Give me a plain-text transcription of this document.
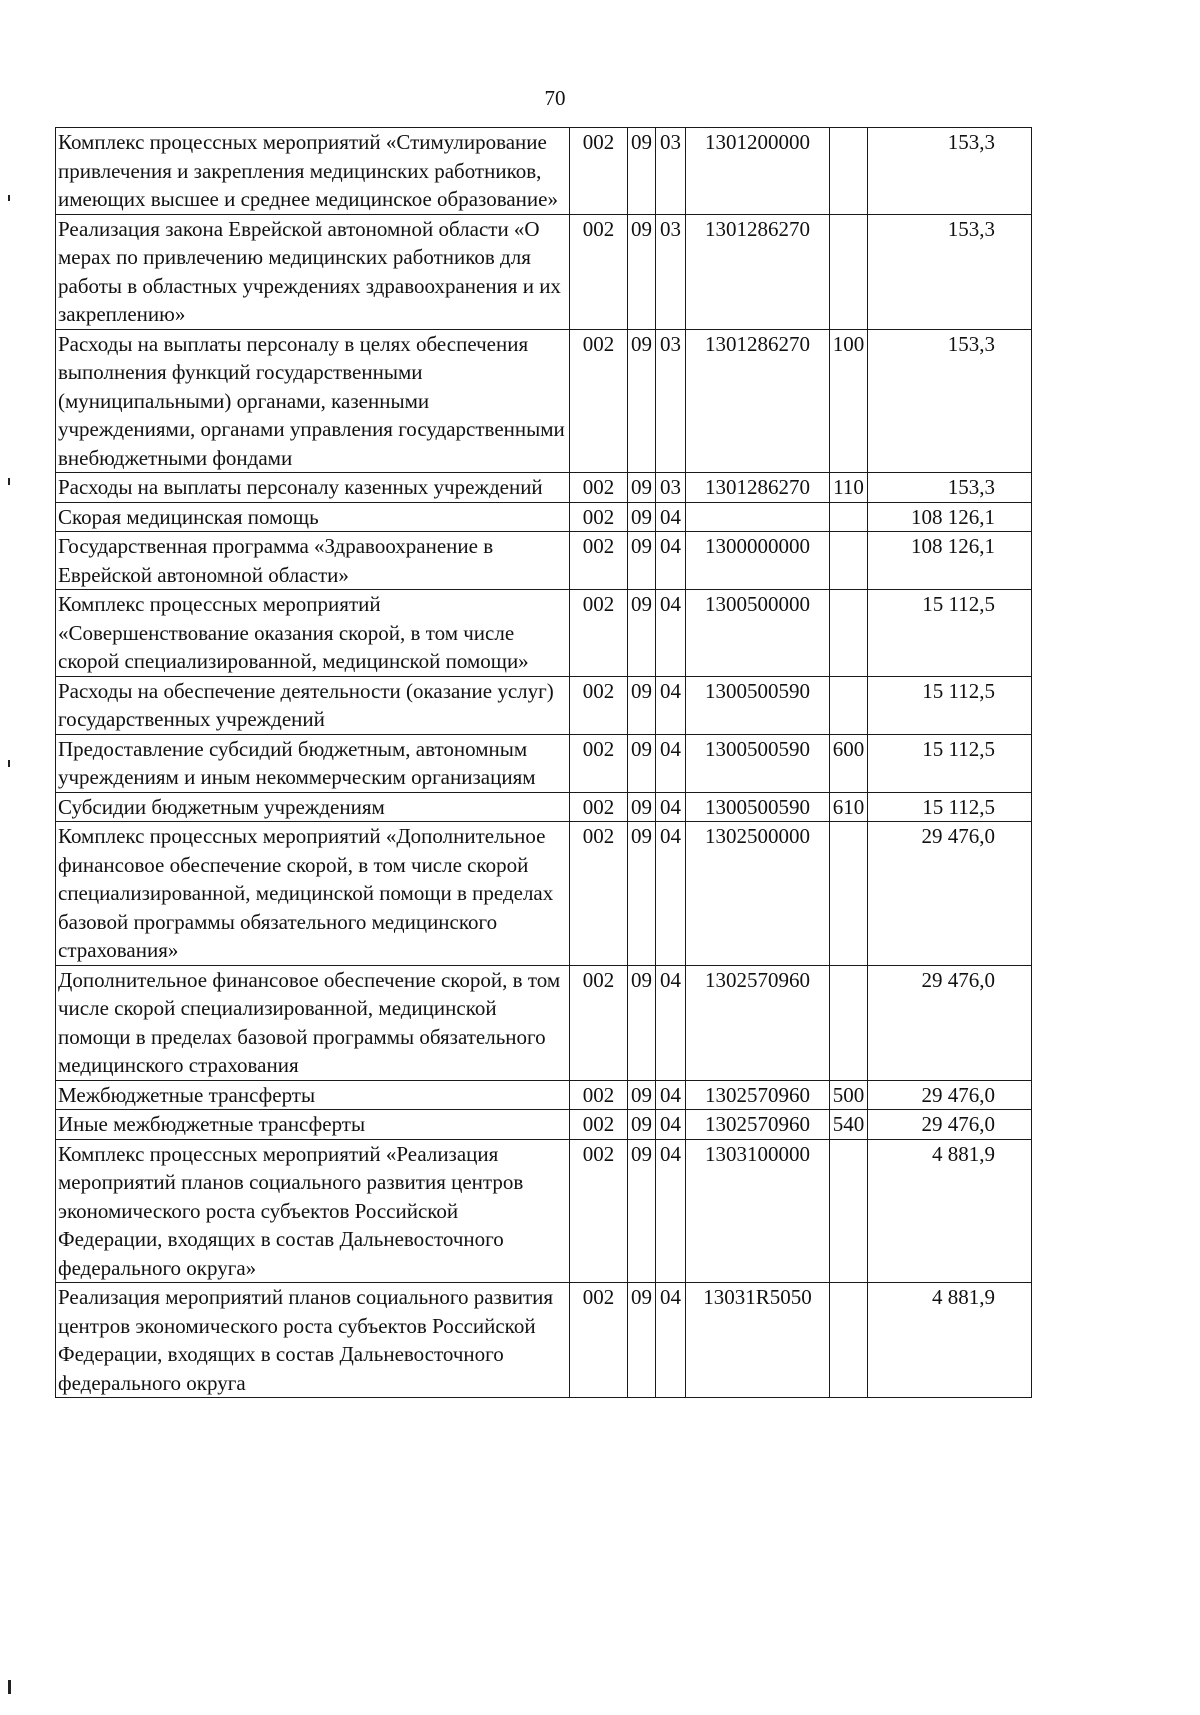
70
Комплекс процессных мероприятий «Стимулирование привлечения и закрепления медицинских работников, имеющих высшее и среднее медицинское образование»	002	09	03	1301200000		153,3
Реализация закона Еврейской автономной области «О мерах по привлечению медицинских работников для работы в областных учреждениях здравоохранения и их закреплению»	002	09	03	1301286270		153,3
Расходы на выплаты персоналу в целях обеспечения выполнения функций государственными (муниципальными) органами, казенными учреждениями, органами управления государственными внебюджетными фондами	002	09	03	1301286270	100	153,3
Расходы на выплаты персоналу казенных учреждений	002	09	03	1301286270	110	153,3
Скорая медицинская помощь	002	09	04			108 126,1
Государственная программа «Здравоохранение в Еврейской автономной области»	002	09	04	1300000000		108 126,1
Комплекс процессных мероприятий «Совершенствование оказания скорой, в том числе скорой специализированной, медицинской помощи»	002	09	04	1300500000		15 112,5
Расходы на обеспечение деятельности (оказание услуг) государственных учреждений	002	09	04	1300500590		15 112,5
Предоставление субсидий бюджетным, автономным учреждениям и иным некоммерческим организациям	002	09	04	1300500590	600	15 112,5
Субсидии бюджетным учреждениям	002	09	04	1300500590	610	15 112,5
Комплекс процессных мероприятий «Дополнительное финансовое обеспечение скорой, в том числе скорой специализированной, медицинской помощи в пределах базовой программы обязательного медицинского страхования»	002	09	04	1302500000		29 476,0
Дополнительное финансовое обеспечение скорой, в том числе скорой специализированной, медицинской помощи в пределах базовой программы обязательного медицинского страхования	002	09	04	1302570960		29 476,0
Межбюджетные трансферты	002	09	04	1302570960	500	29 476,0
Иные межбюджетные трансферты	002	09	04	1302570960	540	29 476,0
Комплекс процессных мероприятий «Реализация мероприятий планов социального развития центров экономического роста субъектов Российской Федерации, входящих в состав Дальневосточного федерального округа»	002	09	04	1303100000		4 881,9
Реализация мероприятий планов социального развития центров экономического роста субъектов Российской Федерации, входящих в состав Дальневосточного федерального округа	002	09	04	13031R5050		4 881,9
